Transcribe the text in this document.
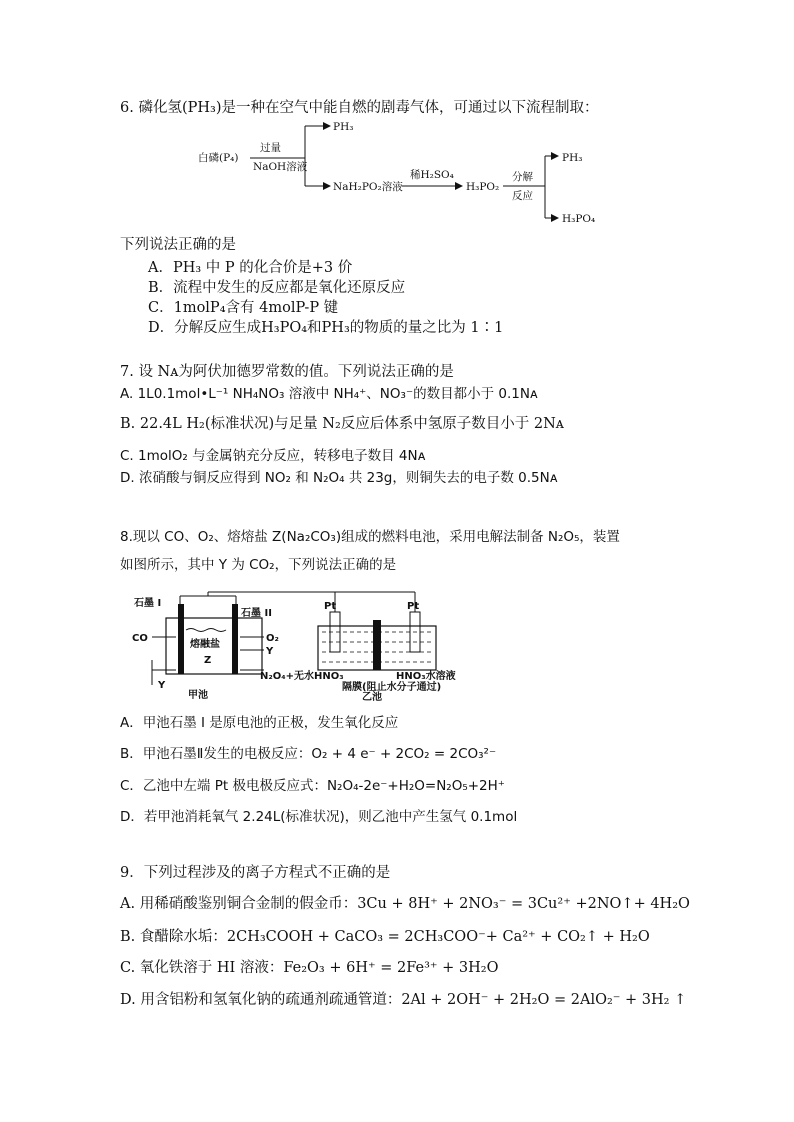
6. 磷化氢(PH₃)是一种在空气中能自燃的剧毒气体，可通过以下流程制取：
白磷(P₄)
过量
NaOH溶液
PH₃
NaH₂PO₂溶液
稀H₂SO₄
H₃PO₂
分解
反应
PH₃
H₃PO₄
下列说法正确的是
A．PH₃ 中 P 的化合价是+3 价
B．流程中发生的反应都是氧化还原反应
C．1molP₄含有 4molP-P 键
D．分解反应生成H₃PO₄和PH₃的物质的量之比为 1∶1
7. 设 Nᴀ为阿伏加德罗常数的值。下列说法正确的是
A. 1L0.1mol•L⁻¹ NH₄NO₃ 溶液中 NH₄⁺、NO₃⁻的数目都小于 0.1Nᴀ
B. 22.4L H₂(标准状况)与足量 N₂反应后体系中氢原子数目小于 2Nᴀ
C. 1molO₂ 与金属钠充分反应，转移电子数目 4Nᴀ
D. 浓硝酸与铜反应得到 NO₂ 和 N₂O₄ 共 23g，则铜失去的电子数 0.5Nᴀ
8.现以 CO、O₂、熔熔盐 Z(Na₂CO₃)组成的燃料电池，采用电解法制备 N₂O₅，装置
如图所示，其中 Y 为 CO₂，下列说法正确的是
石墨 I
石墨 II
Pt	Pt
熔融盐
Z
CO
Y
O₂
Y
N₂O₄+无水HNO₃	HNO₃水溶液
隔膜(阻止水分子通过)
甲池	乙池
A．甲池石墨 I 是原电池的正极，发生氧化反应
B．甲池石墨Ⅱ发生的电极反应：O₂ + 4 e⁻ + 2CO₂ = 2CO₃²⁻
C．乙池中左端 Pt 极电极反应式：N₂O₄-2e⁻+H₂O=N₂O₅+2H⁺
D．若甲池消耗氧气 2.24L(标准状况)，则乙池中产生氢气 0.1mol
9．下列过程涉及的离子方程式不正确的是
A. 用稀硝酸鉴别铜合金制的假金币：3Cu + 8H⁺ + 2NO₃⁻ = 3Cu²⁺ +2NO↑+ 4H₂O
B. 食醋除水垢：2CH₃COOH + CaCO₃ = 2CH₃COO⁻+ Ca²⁺ + CO₂↑ + H₂O
C. 氧化铁溶于 HI 溶液：Fe₂O₃ + 6H⁺ = 2Fe³⁺ + 3H₂O
D. 用含铝粉和氢氧化钠的疏通剂疏通管道：2Al + 2OH⁻ + 2H₂O = 2AlO₂⁻ + 3H₂ ↑
